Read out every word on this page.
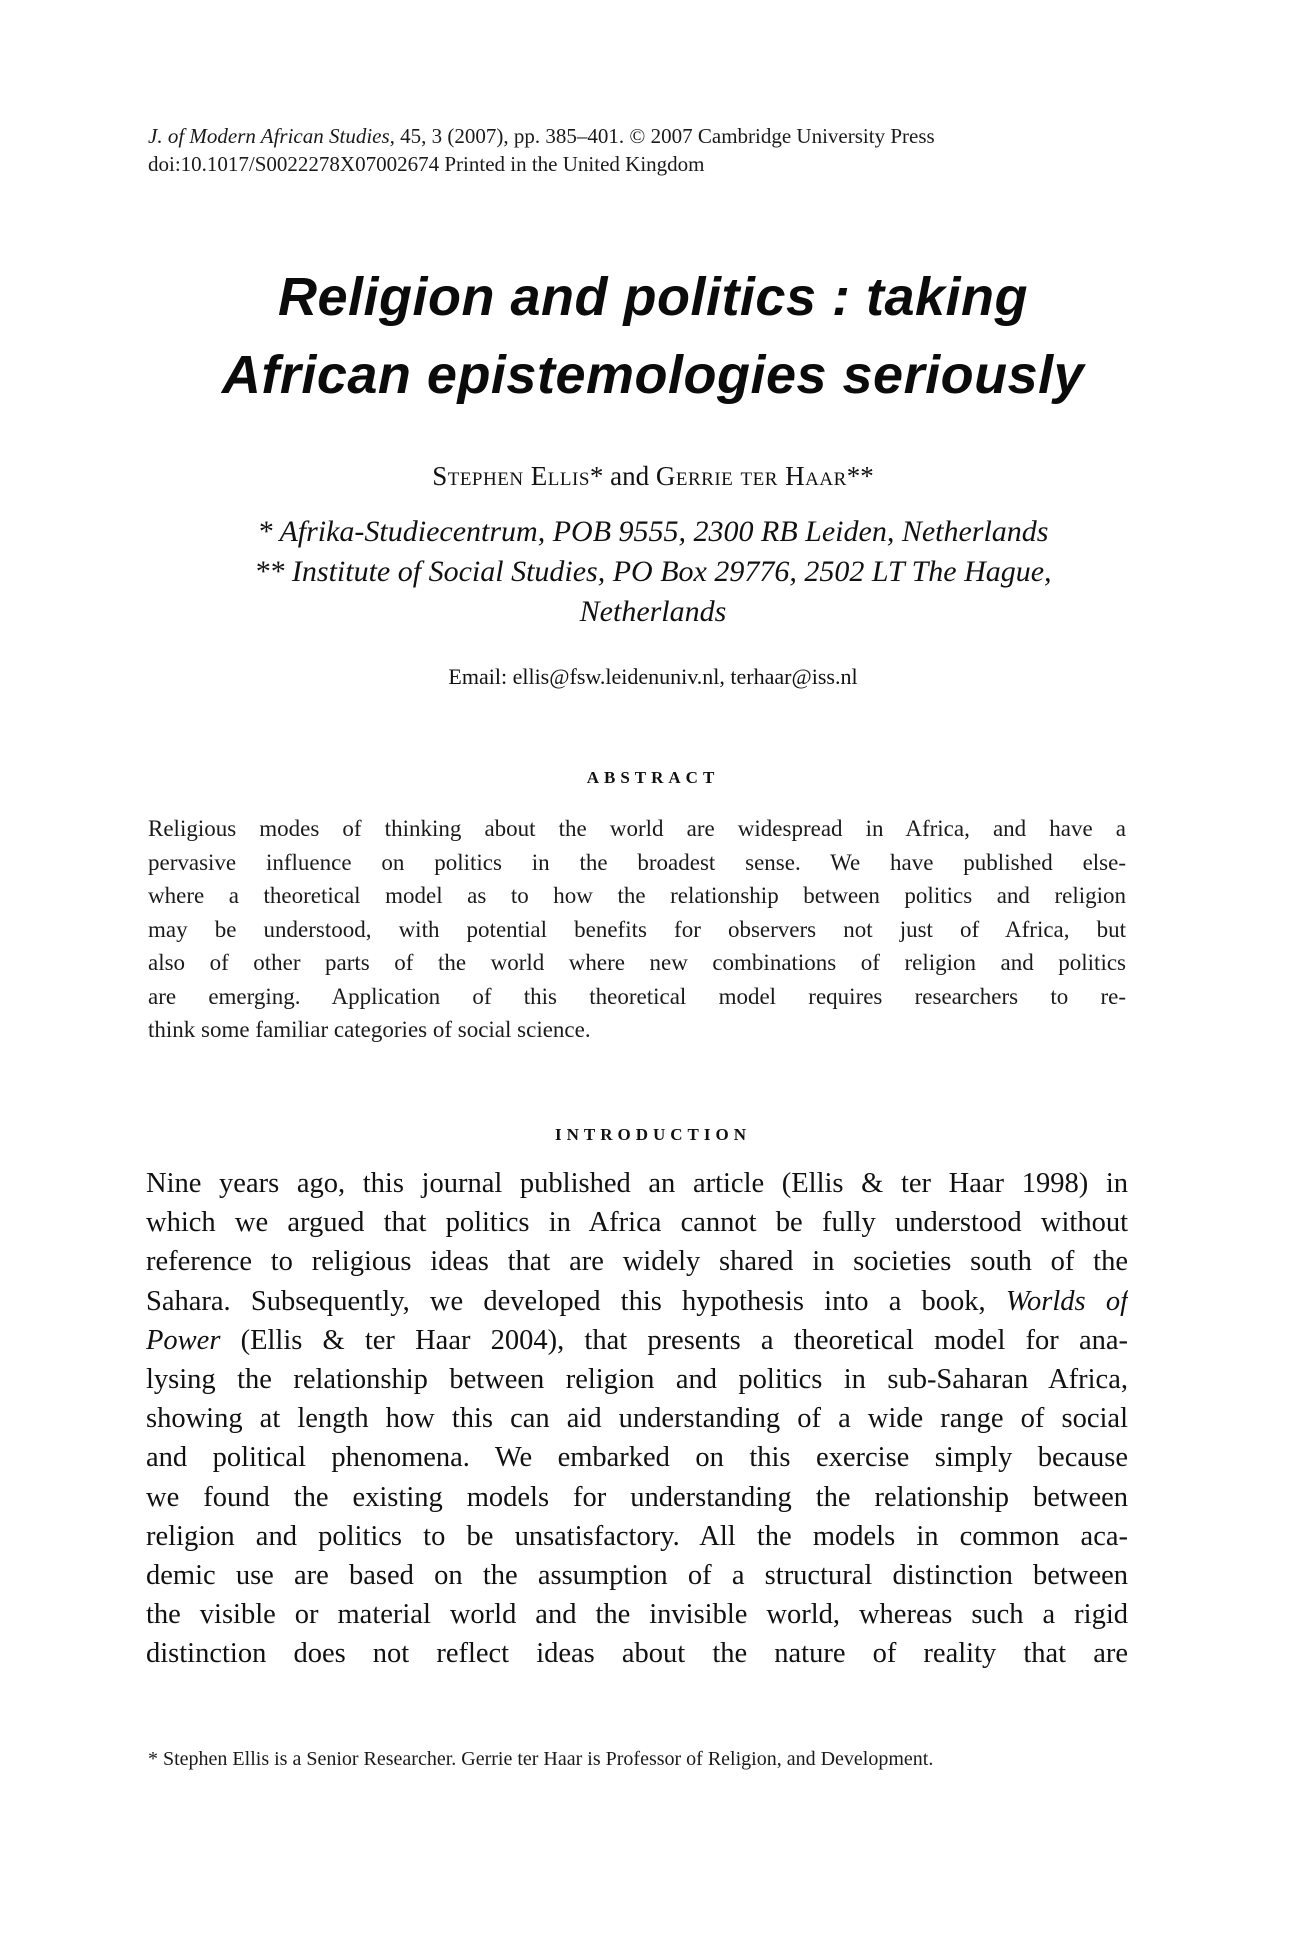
J. of Modern African Studies, 45, 3 (2007), pp. 385–401. © 2007 Cambridge University Press
doi:10.1017/S0022278X07002674 Printed in the United Kingdom
Religion and politics : taking
African epistemologies seriously
Stephen Ellis* and Gerrie ter Haar**
* Afrika-Studiecentrum, POB 9555, 2300 RB Leiden, Netherlands
** Institute of Social Studies, PO Box 29776, 2502 LT The Hague,
Netherlands
Email: ellis@fsw.leidenuniv.nl, terhaar@iss.nl
ABSTRACT
Religious modes of thinking about the world are widespread in Africa, and have a
pervasive influence on politics in the broadest sense. We have published else-
where a theoretical model as to how the relationship between politics and religion
may be understood, with potential benefits for observers not just of Africa, but
also of other parts of the world where new combinations of religion and politics
are emerging. Application of this theoretical model requires researchers to re-
think some familiar categories of social science.
INTRODUCTION
Nine years ago, this journal published an article (Ellis & ter Haar 1998) in
which we argued that politics in Africa cannot be fully understood without
reference to religious ideas that are widely shared in societies south of the
Sahara. Subsequently, we developed this hypothesis into a book, Worlds of
Power (Ellis & ter Haar 2004), that presents a theoretical model for ana-
lysing the relationship between religion and politics in sub-Saharan Africa,
showing at length how this can aid understanding of a wide range of social
and political phenomena. We embarked on this exercise simply because
we found the existing models for understanding the relationship between
religion and politics to be unsatisfactory. All the models in common aca-
demic use are based on the assumption of a structural distinction between
the visible or material world and the invisible world, whereas such a rigid
distinction does not reflect ideas about the nature of reality that are
* Stephen Ellis is a Senior Researcher. Gerrie ter Haar is Professor of Religion, and Development.
